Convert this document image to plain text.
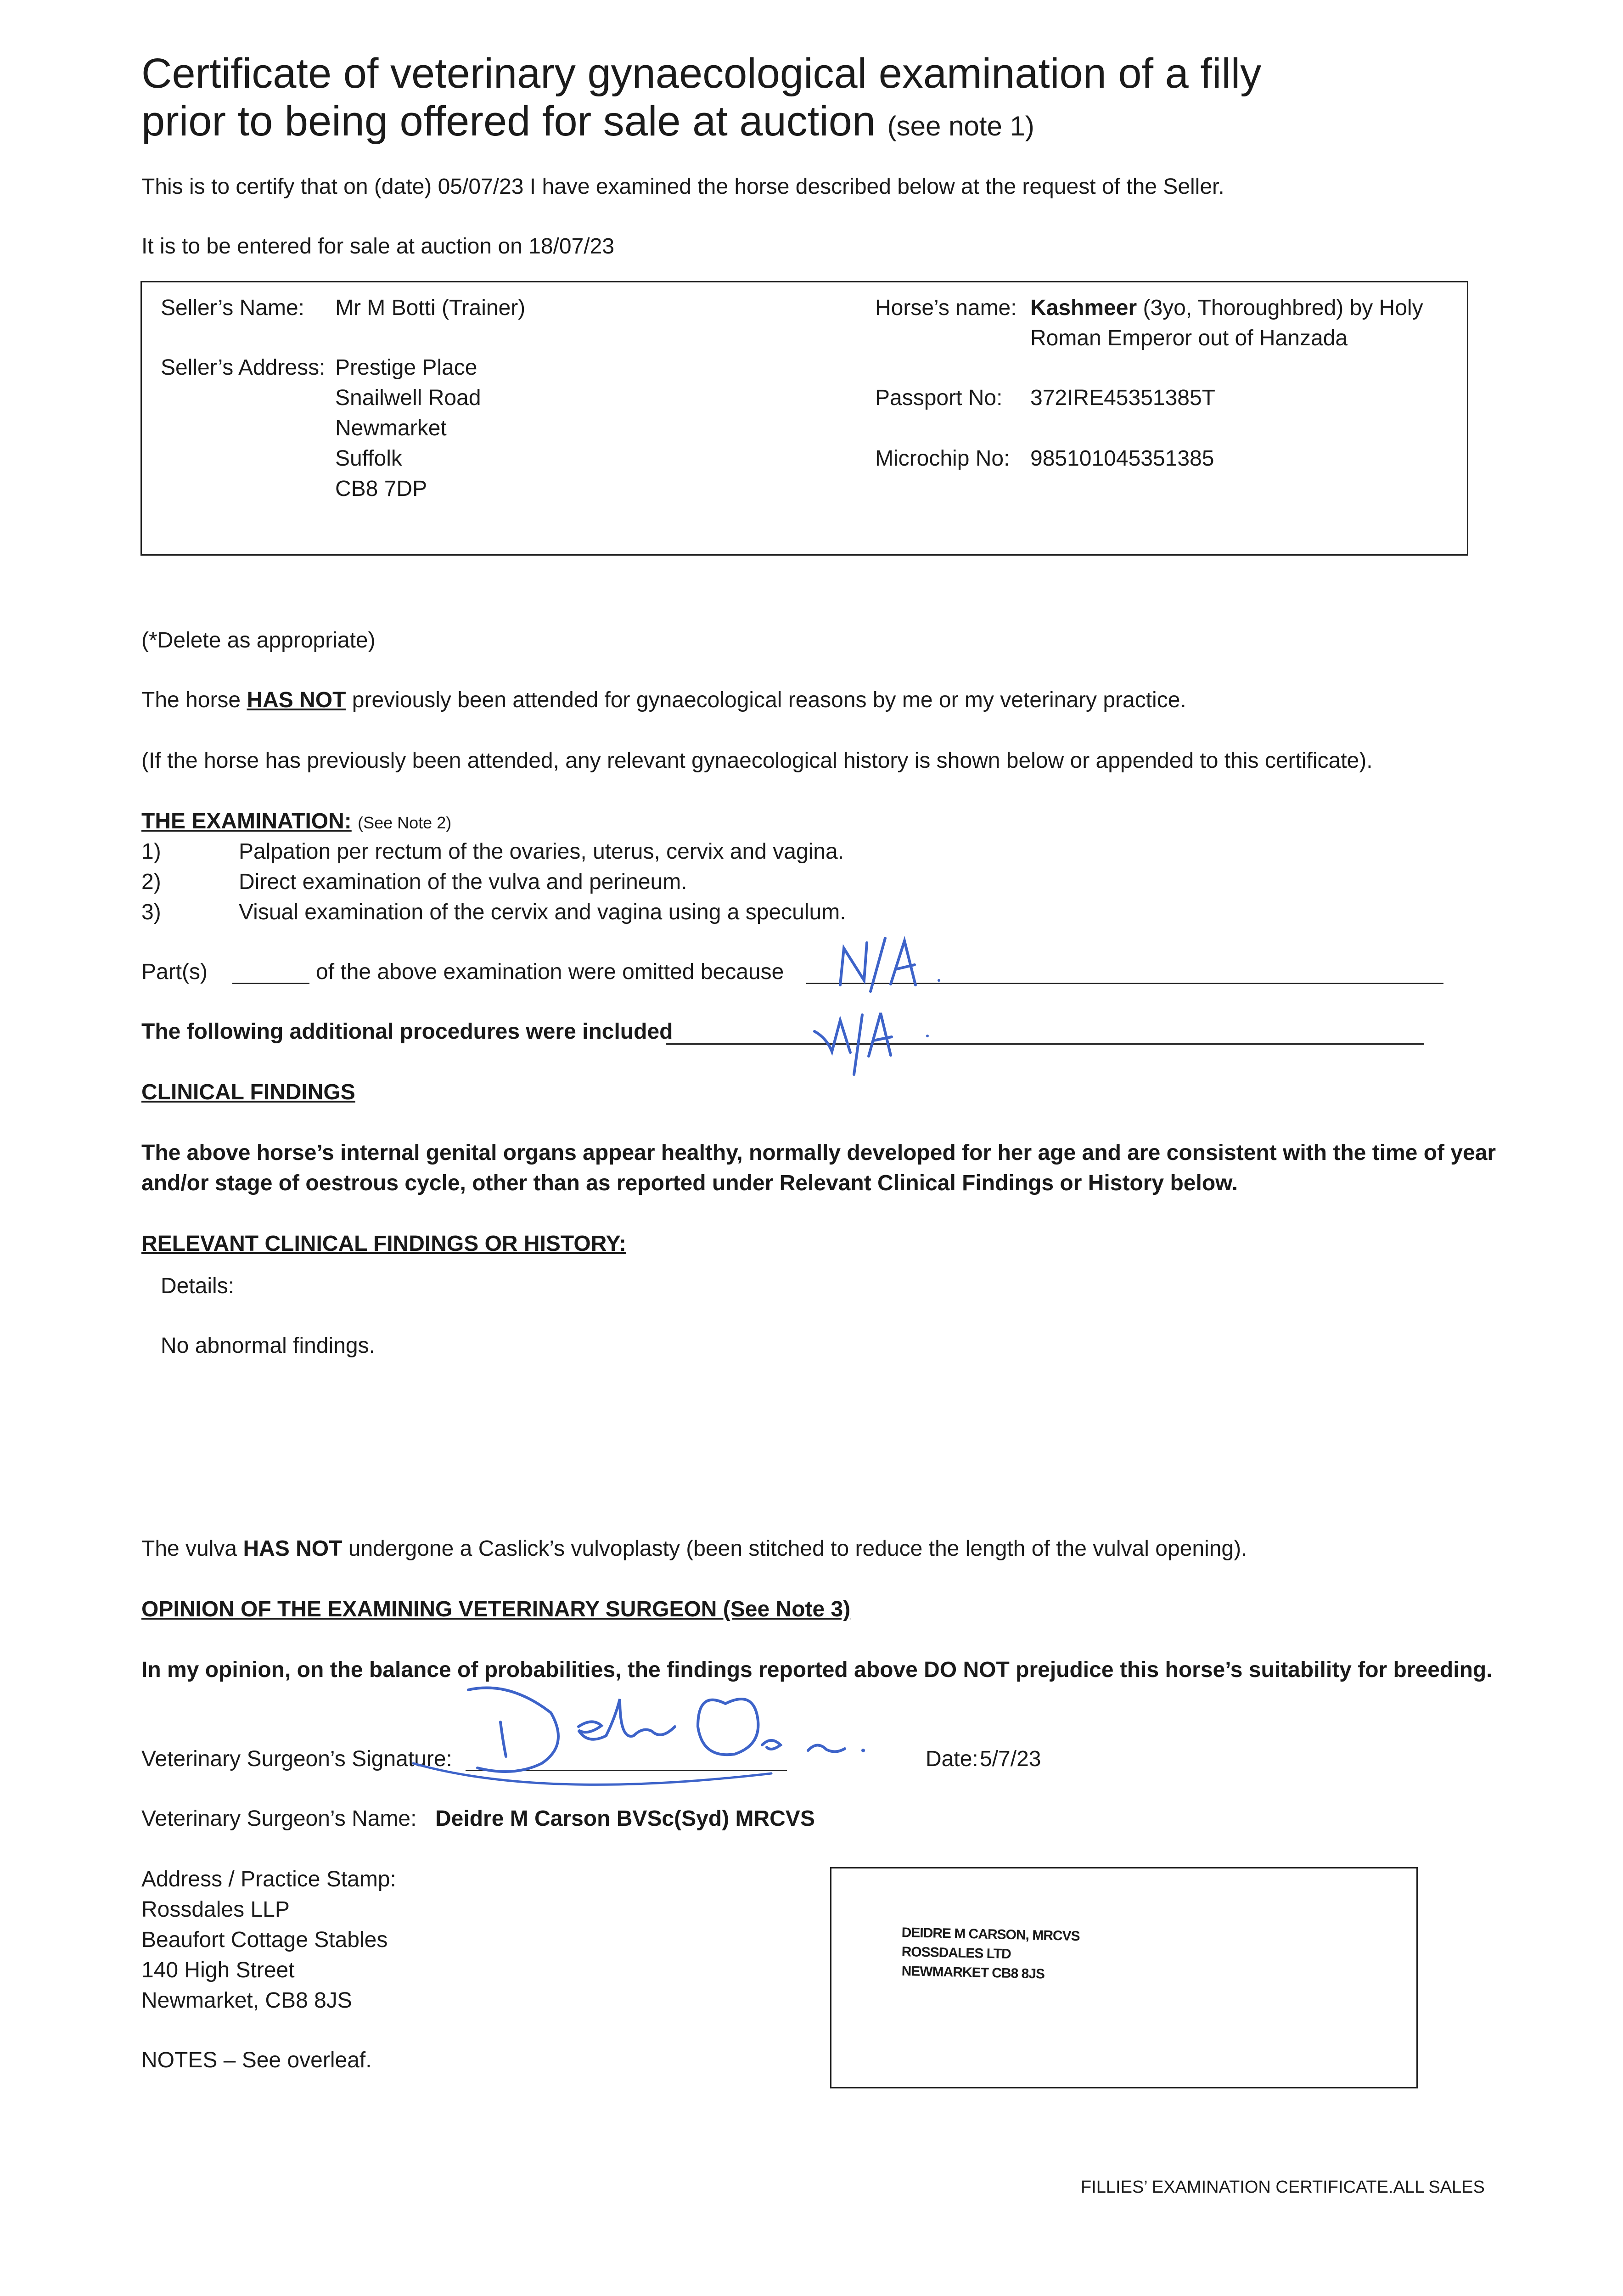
Certificate of veterinary gynaecological examination of a filly
prior to being offered for sale at auction (see note 1)
This is to certify that on (date) 05/07/23 I have examined the horse described below at the request of the Seller.
It is to be entered for sale at auction on 18/07/23
Seller’s Name: Mr M Botti (Trainer)
Seller’s Address: Prestige Place
Snailwell Road
Newmarket
Suffolk
CB8 7DP
Horse’s name: Kashmeer (3yo, Thoroughbred) by Holy
Roman Emperor out of Hanzada
Passport No: 372IRE45351385T
Microchip No: 985101045351385
(*Delete as appropriate)
The horse HAS NOT previously been attended for gynaecological reasons by me or my veterinary practice.
(If the horse has previously been attended, any relevant gynaecological history is shown below or appended to this certificate).
THE EXAMINATION: (See Note 2)
1)	Palpation per rectum of the ovaries, uterus, cervix and vagina.
2)	Direct examination of the vulva and perineum.
3)	Visual examination of the cervix and vagina using a speculum.
Part(s)	of the above examination were omitted because
The following additional procedures were included
CLINICAL FINDINGS
The above horse’s internal genital organs appear healthy, normally developed for her age and are consistent with the time of year
and/or stage of oestrous cycle, other than as reported under Relevant Clinical Findings or History below.
RELEVANT CLINICAL FINDINGS OR HISTORY:
Details:
No abnormal findings.
The vulva HAS NOT undergone a Caslick’s vulvoplasty (been stitched to reduce the length of the vulval opening).
OPINION OF THE EXAMINING VETERINARY SURGEON (See Note 3)
In my opinion, on the balance of probabilities, the findings reported above DO NOT prejudice this horse’s suitability for breeding.
Veterinary Surgeon’s Signature:	Date: 5/7/23
Veterinary Surgeon’s Name: Deidre M Carson BVSc(Syd) MRCVS
Address / Practice Stamp:
Rossdales LLP
Beaufort Cottage Stables
140 High Street
Newmarket, CB8 8JS
DEIDRE M CARSON, MRCVS
ROSSDALES LTD
NEWMARKET CB8 8JS
NOTES – See overleaf.
FILLIES’ EXAMINATION CERTIFICATE.ALL SALES
